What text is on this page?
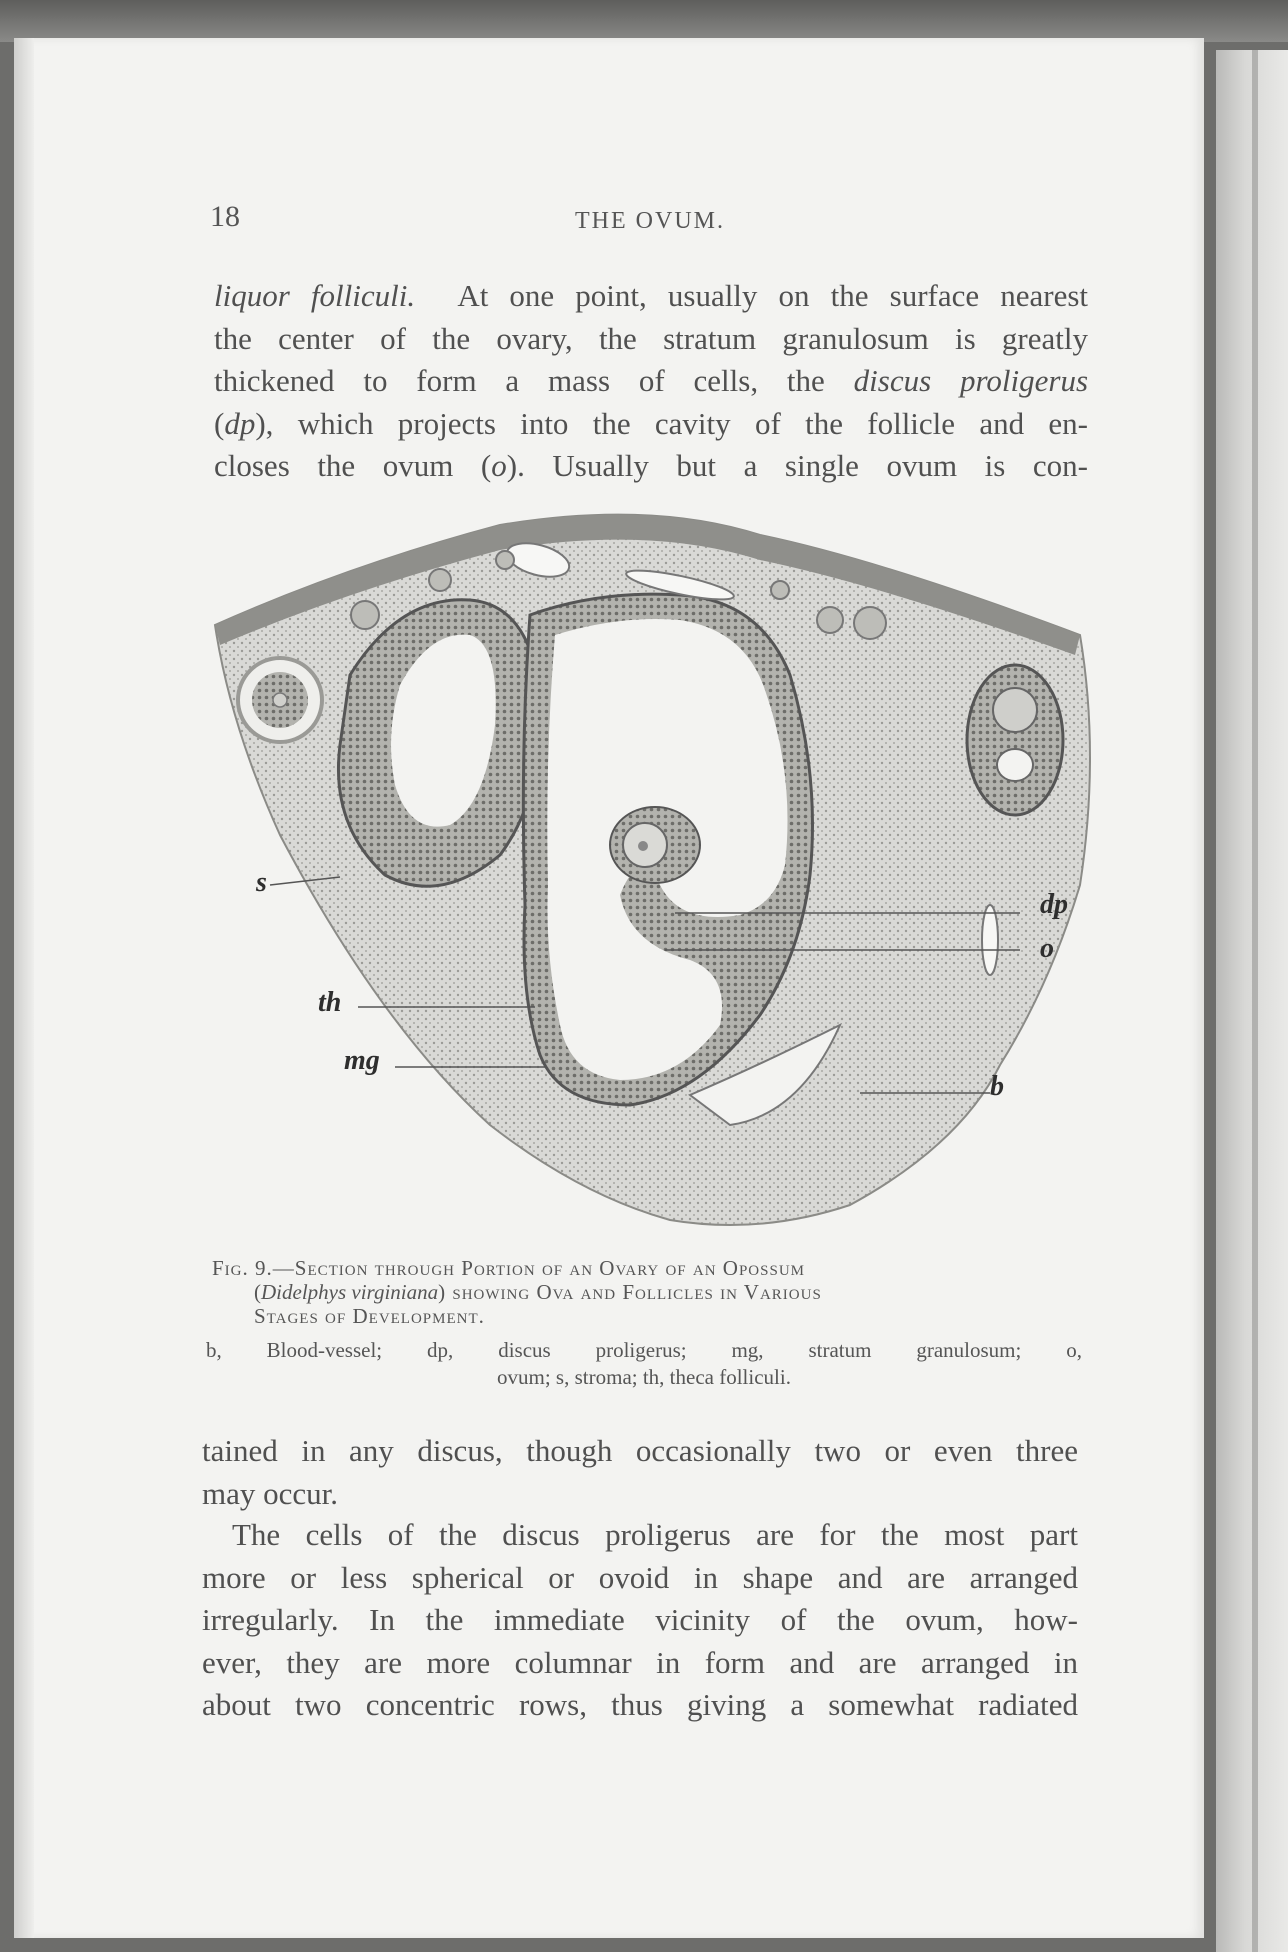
18	THE OVUM.
liquor folliculi. At one point, usually on the surface nearest
the center of the ovary, the stratum granulosum is greatly
thickened to form a mass of cells, the discus proligerus
(dp), which projects into the cavity of the follicle and en-
closes the ovum (o). Usually but a single ovum is con-
s
th
mg
dp
o
b
Fig. 9.—Section through Portion of an Ovary of an Opossum
(Didelphys virginiana) showing Ova and Follicles in Various
Stages of Development.
b, Blood-vessel; dp, discus proligerus; mg, stratum granulosum; o,
ovum; s, stroma; th, theca folliculi.
tained in any discus, though occasionally two or even three
may occur.
The cells of the discus proligerus are for the most part
more or less spherical or ovoid in shape and are arranged
irregularly. In the immediate vicinity of the ovum, how-
ever, they are more columnar in form and are arranged in
about two concentric rows, thus giving a somewhat radiated
